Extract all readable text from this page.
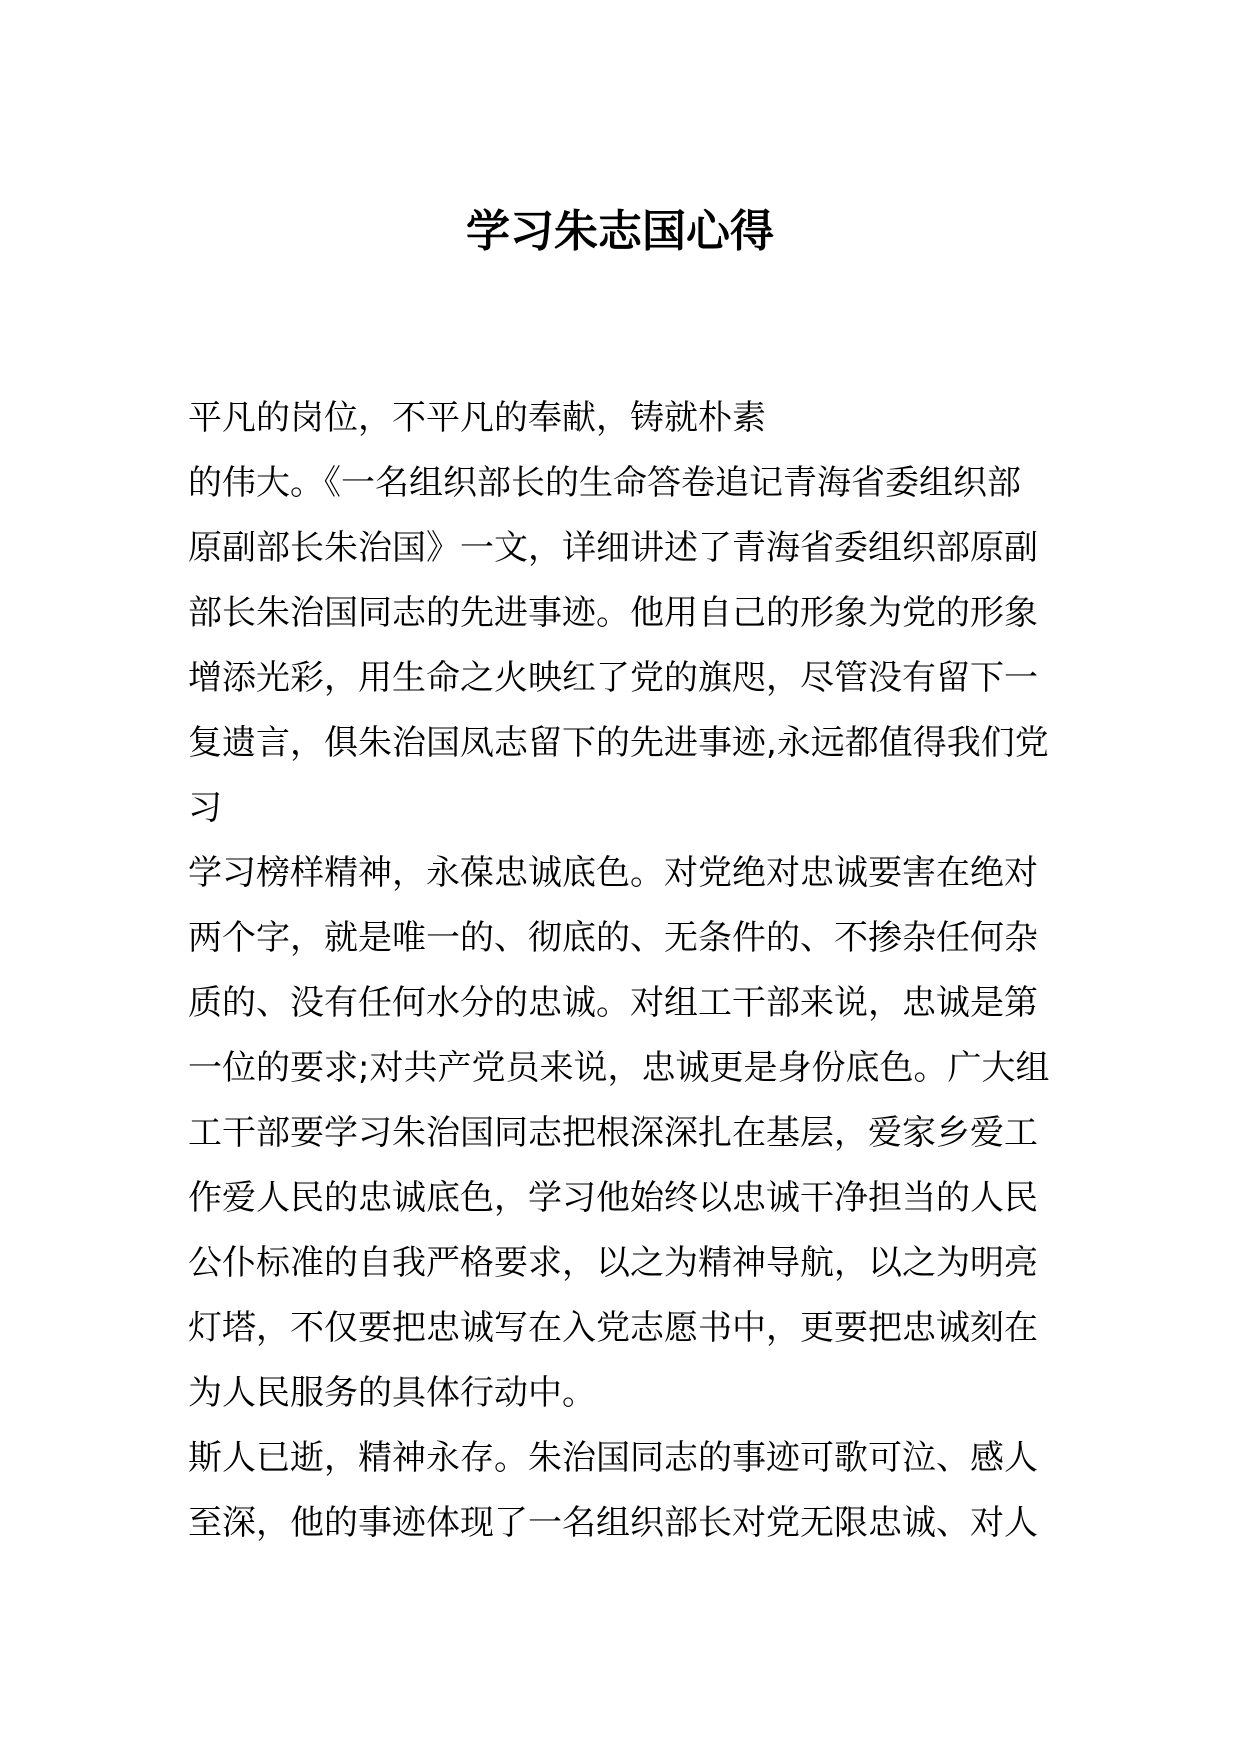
学习朱志国心得
平凡的岗位，不平凡的奉献，铸就朴素
的伟大。《一名组织部长的生命答卷追记青海省委组织部
原副部长朱治国》一文，详细讲述了青海省委组织部原副
部长朱治国同志的先进事迹。他用自己的形象为党的形象
增添光彩，用生命之火映红了党的旗咫，尽管没有留下一
复遗言，俱朱治国凤志留下的先进事迹,永远都值得我们党
习
学习榜样精神，永葆忠诚底色。对党绝对忠诚要害在绝对
两个字，就是唯一的、彻底的、无条件的、不掺杂任何杂
质的、没有任何水分的忠诚。对组工干部来说，忠诚是第
一位的要求;对共产党员来说，忠诚更是身份底色。广大组
工干部要学习朱治国同志把根深深扎在基层，爱家乡爱工
作爱人民的忠诚底色，学习他始终以忠诚干净担当的人民
公仆标准的自我严格要求，以之为精神导航，以之为明亮
灯塔，不仅要把忠诚写在入党志愿书中，更要把忠诚刻在
为人民服务的具体行动中。
斯人已逝，精神永存。朱治国同志的事迹可歌可泣、感人
至深，他的事迹体现了一名组织部长对党无限忠诚、对人
